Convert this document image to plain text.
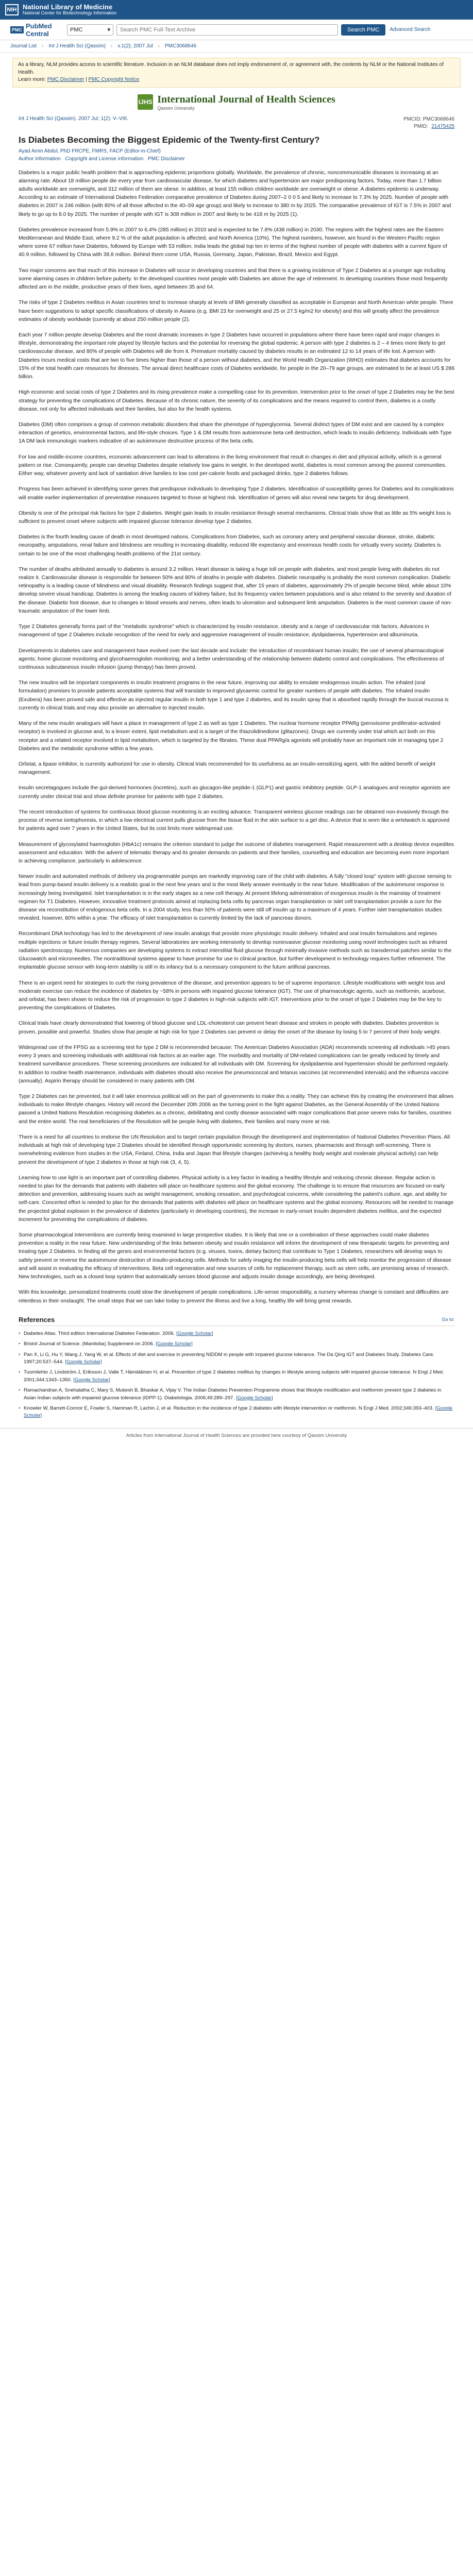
NIH National Library of Medicine
National Center for Biotechnology Information
PMC PubMed Central	PMC	▾
Search PMC Full-Text Archive	Search PMC	Advanced Search
Journal List › Int J Health Sci (Qassim) › v.1(2); 2007 Jul › PMC3068646
As a library, NLM provides access to scientific literature. Inclusion in an NLM database does not imply endorsement of, or agreement with, the contents by NLM or the National Institutes of Health.
Learn more: PMC Disclaimer | PMC Copyright Notice
IJHS International Journal of Health Sciences
Qassim University
Int J Health Sci (Qassim). 2007 Jul; 1(2): V–VIII.	PMCID: PMC3068646
PMID: 21475425
Is Diabetes Becoming the Biggest Epidemic of the Twenty-first Century?
Ayad Amin Abdul, PhD FRCPE, FMRS, FACP (Editor-in-Chief)
Author information Copyright and License information PMC Disclaimer

Diabetes is a major public health problem that is approaching epidemic proportions globally. Worldwide, the prevalence of chronic, noncommunicable diseases is increasing at an alarming rate. About 18 million people die every year from cardiovascular disease, for which diabetes and hypertension are major predisposing factors. Today, more than 1.7 billion adults worldwide are overweight, and 312 million of them are obese. In addition, at least 155 million children worldwide are overweight or obese. A diabetes epidemic is underway. According to an estimate of International Diabetes Federation comparative prevalence of Diabetes during 2007–2 0 0 5 and likely to increase to 7.3% by 2025. Number of people with diabetes in 2007 is 246 million (with 80% of all those affected in the 40–59 age group) and likely to increase to 380 m by 2025. The comparative prevalence of IGT is 7.5% in 2007 and likely to go up to 8.0 by 2025. The number of people with IGT is 308 million in 2007 and likely to be 418 m by 2025 (1).

Diabetes prevalence increased from 5.9% in 2007 to 6.4% (285 million) in 2010 and is expected to be 7.8% (438 million) in 2030. The regions with the highest rates are the Eastern Mediterranean and Middle East, where 9.2 % of the adult population is affected, and North America (10%). The highest numbers, however, are found in the Western Pacific region where some 67 million have Diabetes, followed by Europe with 53 million. India leads the global top ten in terms of the highest number of people with diabetes with a current figure of 40.9 million, followed by China with 39.8 million. Behind them come USA, Russia, Germany, Japan, Pakistan, Brazil, Mexico and Egypt.

Two major concerns are that much of this increase in Diabetes will occur in developing countries and that there is a growing incidence of Type 2 Diabetes at a younger age including some alarming cases in children before puberty. In the developed countries most people with Diabetes are above the age of retirement. In developing countries those most frequently affected are in the middle, productive years of their lives, aged between 35 and 64.

The risks of type 2 Diabetes mellitus in Asian countries tend to increase sharply at levels of BMI generally classified as acceptable in European and North American white people. There have been suggestions to adopt specific classifications of obesity in Asians (e.g. BMI 23 for overweight and 25 or 27.5 kg/m2 for obesity) and this will greatly affect the prevalence estimates of obesity worldwide (currently at about 250 million people (2).

Each year 7 million people develop Diabetes and the most dramatic increases in type 2 Diabetes have occurred in populations where there have been rapid and major changes in lifestyle, demonstrating the important role played by lifestyle factors and the potential for reversing the global epidemic. A person with type 2 diabetes is 2 – 4 times more likely to get cardiovascular disease, and 80% of people with Diabetes will die from it. Premature mortality caused by diabetes results in an estimated 12 to 14 years of life lost. A person with Diabetes incurs medical costs that are two to five times higher than those of a person without diabetes, and the World Health Organization (WHO) estimates that diabetes accounts for 15% of the total health care resources for illnesses. The annual direct healthcare costs of Diabetes worldwide, for people in the 20–79 age groups, are estimated to be at least US $ 286 billion.

High economic and social costs of type 2 Diabetes and its rising prevalence make a compelling case for its prevention. Intervention prior to the onset of type 2 Diabetes may be the best strategy for preventing the complications of Diabetes. Because of its chronic nature, the severity of its complications and the means required to control them, diabetes is a costly disease, not only for affected individuals and their families, but also for the health systems.

Diabetes (DM) often comprises a group of common metabolic disorders that share the phenotype of hyperglycemia. Several distinct types of DM exist and are caused by a complex interaction of genetics, environmental factors, and life-style choices. Type 1 & DM results from autoimmune beta cell destruction, which leads to insulin deficiency. Individuals with Type 1A DM lack immunologic markers indicative of an autoimmune destructive process of the beta cells.

For low and middle-income countries, economic advancement can lead to alterations in the living environment that result in changes in diet and physical activity, which is a general pattern or rise. Consequently, people can develop Diabetes despite relatively low gains in weight. In the developed world, diabetes is most common among the poorest communities. Either way, whatever poverty and lack of sanitation drive families to low cost per-calorie foods and packaged drinks, type 2 diabetes follows.

Progress has been achieved in identifying some genes that predispose individuals to developing Type 2 diabetes. Identification of susceptibility genes for Diabetes and its complications will enable earlier implementation of preventative measures targeted to those at highest risk. Identification of genes will also reveal new targets for drug development.

Obesity is one of the principal risk factors for type 2 diabetes. Weight gain leads to insulin resistance through several mechanisms. Clinical trials show that as little as 5% weight loss is sufficient to prevent onset where subjects with impaired glucose tolerance develop type 2 diabetes.

Diabetes is the fourth leading cause of death in most developed nations. Complications from Diabetes, such as coronary artery and peripheral vascular disease, stroke, diabetic neuropathy, amputations, renal failure and blindness are resulting in increasing disability, reduced life expectancy and enormous health costs for virtually every society. Diabetes is certain to be one of the most challenging health problems of the 21st century.

The number of deaths attributed annually to diabetes is around 3.2 million. Heart disease is taking a huge toll on people with diabetes, and most people living with diabetes do not realize it. Cardiovascular disease is responsible for between 50% and 80% of deaths in people with diabetes. Diabetic neuropathy is probably the most common complication. Diabetic retinopathy is a leading cause of blindness and visual disability. Research findings suggest that, after 15 years of diabetes, approximately 2% of people become blind, while about 10% develop severe visual handicap. Diabetes is among the leading causes of kidney failure, but its frequency varies between populations and is also related to the severity and duration of the disease. Diabetic foot disease, due to changes in blood vessels and nerves, often leads to ulceration and subsequent limb amputation. Diabetes is the most common cause of non-traumatic amputation of the lower limb.

Type 2 Diabetes generally forms part of the "metabolic syndrome" which is characterized by insulin resistance, obesity and a range of cardiovascular risk factors. Advances in management of type 2 Diabetes include recognition of the need for early and aggressive management of insulin resistance, dyslipidaemia, hypertension and albuminuria.

Developments in diabetes care and management have evolved over the last decade and include: the introduction of recombinant human insulin; the use of several pharmacological agents; home glucose monitoring and glycohaemoglobin monitoring; and a better understanding of the relationship between diabetic control and complications. The effectiveness of continuous subcutaneous insulin infusion (pump therapy) has been proved.

The new insulins will be important components in insulin treatment programs in the near future, improving our ability to emulate endogenous insulin action. The inhaled (oral formulation) promises to provide patients acceptable systems that will translate to improved glycaemic control for greater numbers of people with diabetes. The inhaled insulin (Exubera) has been proved safe and effective as injected regular insulin in both type 1 and type 2 diabetes, and its insulin spray that is absorbed rapidly through the buccal mucosa is currently in clinical trials and may also provide an alternative to injected insulin.

Many of the new insulin analogues will have a place in management of type 2 as well as type 1 Diabetes. The nuclear hormone receptor PPARg (peroxisome proliferator-activated receptor) is involved in glucose and, to a lesser extent, lipid metabolism and is a target of the thiazolidinedione (glitazones). Drugs are currently under trial which act both on this receptor and a related receptor involved in lipid metabolism, which is targeted by the fibrates. These dual PPARg/a agonists will probably have an important role in managing type 2 Diabetes and the metabolic syndrome within a few years.

Orlistat, a lipase inhibitor, is currently authorized for use in obesity. Clinical trials recommended for its usefulness as an insulin-sensitizing agent, with the added benefit of weight management.

Insulin secretagogues include the gut-derived hormones (incretins), such as glucagon-like peptide-1 (GLP1) and gastric inhibitory peptide. GLP-1 analogues and receptor agonists are currently under clinical trial and show definite promise for patients with type 2 diabetes.

The recent introduction of systems for continuous blood glucose monitoring is an exciting advance. Transparent wireless glucose readings can be obtained non-invasively through the process of reverse iontophoresis, in which a low electrical current pulls glucose from the tissue fluid in the skin surface to a gel disc. A device that is worn like a wristwatch is approved for patients aged over 7 years in the United States, but its cost limits more widespread use.

Measurement of glycosylated haemoglobin (HbA1c) remains the criterion standard to judge the outcome of diabetes management. Rapid measurement with a desktop device expedites assessment and education. With the advent of telematic therapy and its greater demands on patients and their families, counselling and education are becoming even more important in achieving compliance, particularly in adolescence.

Newer insulin and automated methods of delivery via programmable pumps are markedly improving care of the child with diabetes. A fully "closed loop" system with glucose sensing to lead from pump-based insulin delivery is a realistic goal in the next few years and is the most likely answer eventually in the near future. Modification of the autoimmune response is increasingly being investigated. Islet transplantation is in the early stages as a new cell therapy. At present lifelong administration of exogenous insulin is the mainstay of treatment regimen for T1 Diabetes. However, innovative treatment protocols aimed at replacing beta cells by pancreas organ transplantation or islet cell transplantation provide a cure for the disease via reconstitution of endogenous beta cells. In a 2004 study, less than 50% of patients were still off insulin up to a maximum of 4 years. Further islet transplantation studies revealed, however, 80% within a year. The efficacy of islet transplantation is currently limited by the lack of pancreas donors.

Recombinant DNA technology has led to the development of new insulin analogs that provide more physiologic insulin delivery. Inhaled and oral insulin formulations and regimes multiple injections or future insulin therapy regimes. Several laboratories are working intensively to develop noninvasive glucose monitoring using novel technologies such as infrared radiation spectroscopy. Numerous companies are developing systems to extract interstitial fluid glucose through minimally invasive methods such as transdermal patches similar to the Glucowatch and microneedles. The nontraditional systems appear to have promise for use in clinical practice, but further development in technology requires further refinement. The implantable glucose sensor with long-term stability is still in its infancy but is a necessary component to the future artificial pancreas.

There is an urgent need for strategies to curb the rising prevalence of the disease, and prevention appears to be of supreme importance. Lifestyle modifications with weight loss and moderate exercise can reduce the incidence of diabetes by ~58% in persons with impaired glucose tolerance (IGT). The use of pharmacologic agents, such as metformin, acarbose, and orlistat, has been shown to reduce the risk of progression to type 2 diabetes in high-risk subjects with IGT. Interventions prior to the onset of type 2 Diabetes may be the key to preventing the complications of Diabetes.

Clinical trials have clearly demonstrated that lowering of blood glucose and LDL-cholesterol can prevent heart disease and strokes in people with diabetes. Diabetes prevention is proven, possible and powerful. Studies show that people at high risk for type 2 Diabetes can prevent or delay the onset of the disease by losing 5 to 7 percent of their body weight.

Widespread use of the FPSG as a screening test for type 2 DM is recommended because: The American Diabetes Association (ADA) recommends screening all individuals >45 years every 3 years and screening individuals with additional risk factors at an earlier age. The morbidity and mortality of DM-related complications can be greatly reduced by timely and treatment surveillance procedures. These screening procedures are indicated for all individuals with DM. Screening for dyslipidaemia and hypertension should be performed regularly. In addition to routine health maintenance, individuals with diabetes should also receive the pneumococcal and tetanus vaccines (at recommended intervals) and the influenza vaccine (annually). Aspirin therapy should be considered in many patients with DM.

Type 2 Diabetes can be prevented, but it will take enormous political will on the part of governments to make this a reality. They can achieve this by creating the environment that allows individuals to make lifestyle changes. History will record the December 20th 2006 as the turning point in the fight against Diabetes, as the General Assembly of the United Nations passed a United Nations Resolution recognising diabetes as a chronic, debilitating and costly disease associated with major complications that pose severe risks for families, countries and the entire world. The real beneficiaries of the Resolution will be people living with diabetes, their families and many more at risk.

There is a need for all countries to endorse the UN Resolution and to target certain population through the development and implementation of National Diabetes Prevention Plans. All individuals at high risk of developing type 2 Diabetes should be identified through opportunistic screening by doctors, nurses, pharmacists and through self-screening. There is overwhelming evidence from studies in the USA, Finland, China, India and Japan that lifestyle changes (achieving a healthy body weight and moderate physical activity) can help prevent the development of type 2 diabetes in those at high risk (3, 4, 5).

Learning how to use light is an important part of controlling diabetes. Physical activity is a key factor in leading a healthy lifestyle and reducing chronic disease. Regular action is needed to plan for the demands that patients with diabetes will place on healthcare systems and the global economy. The challenge is to ensure that resources are focused on early detection and prevention, addressing issues such as weight management, smoking cessation, and psychological concerns, while considering the patient's culture, age, and ability for self-care. Concerted effort is needed to plan for the demands that patients with diabetes will place on healthcare systems and the global economy. Resources will be needed to manage the projected global explosion in the prevalence of diabetes (particularly in developing countries), the increase in early-onset insulin dependent diabetes mellitus, and the expected increment for preventing the complications of diabetes.

Some pharmacological interventions are currently being examined in large prospective studies. It is likely that one or a combination of these approaches could make diabetes prevention a reality in the near future. New understanding of the links between obesity and insulin resistance will inform the development of new therapeutic targets for preventing and treating type 2 Diabetes. In finding all the genes and environmental factors (e.g. viruses, toxins, dietary factors) that contribute to Type 1 Diabetes, researchers will develop ways to safely prevent or reverse the autoimmune destruction of insulin-producing cells. Methods for safely imaging the insulin-producing beta cells will help monitor the progression of disease and will assist in evaluating the efficacy of interventions. Beta cell regeneration and new sources of cells for replacement therapy, such as stem cells, are promising areas of research. New technologies, such as a closed loop system that automatically senses blood glucose and adjusts insulin dosage accordingly, are being developed.

With this knowledge, personalized treatments could slow the development of people complications. Life-sense responsibility, a nursery whereas change is constant and difficulties are relentless in their onslaught. The small steps that we can take today to prevent the illness and live a long, healthy life will bring great rewards.

References	Go to:
• Diabetes Atlas. Third edition International Diabetes Federation. 2006. [Google Scholar]
• Bristol Journal of Science. (Manitoba) Supplement on 2006. [Google Scholar]
• Pan X, Li G, Hu Y, Wang J, Yang W, et al. Effects of diet and exercise in preventing NIDDM in people with impaired glucose tolerance. The Da Qing IGT and Diabetes Study. Diabetes Care. 1997;20:537–544. [Google Scholar]
• Tuomilehto J, Lindström J, Eriksson J, Valle T, Hämäläinen H, et al. Prevention of type 2 diabetes mellitus by changes in lifestyle among subjects with impaired glucose tolerance. N Engl J Med. 2001;344:1343–1350. [Google Scholar]
• Ramachandran A, Snehalatha C, Mary S, Mukesh B, Bhaskar A, Vijay V. The Indian Diabetes Prevention Programme shows that lifestyle modification and metformin prevent type 2 diabetes in Asian Indian subjects with impaired glucose tolerance (IDPP-1). Diabetologia. 2006;49:289–297. [Google Scholar]
• Knowler W, Barrett-Connor E, Fowler S, Hamman R, Lachin J, et al. Reduction in the incidence of type 2 diabetes with lifestyle intervention or metformin. N Engl J Med. 2002;346:393–403. [Google Scholar]
Articles from International Journal of Health Sciences are provided here courtesy of Qassim University
